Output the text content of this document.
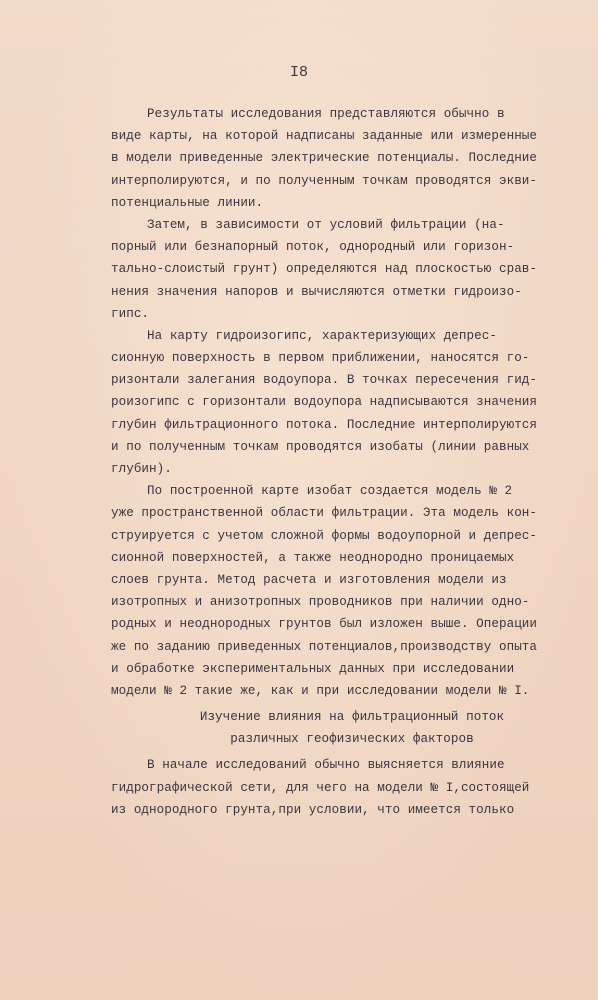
I8
Результаты исследования представляются обычно в
виде карты, на которой надписаны заданные или измеренные
в модели приведенные электрические потенциалы. Последние
интерполируются, и по полученным точкам проводятся экви-
потенциальные линии.
Затем, в зависимости от условий фильтрации (на-
порный или безнапорный поток, однородный или горизон-
тально-слоистый грунт) определяются над плоскостью срав-
нения значения напоров и вычисляются отметки гидроизо-
гипс.
На карту гидроизогипс, характеризующих депрес-
сионную поверхность в первом приближении, наносятся го-
ризонтали залегания водоупора. В точках пересечения гид-
роизогипс с горизонтали водоупора надписываются значения
глубин фильтрационного потока. Последние интерполируются
и по полученным точкам проводятся изобаты (линии равных
глубин).
По построенной карте изобат создается модель № 2
уже пространственной области фильтрации. Эта модель кон-
струируется с учетом сложной формы водоупорной и депрес-
сионной поверхностей, а также неоднородно проницаемых
слоев грунта. Метод расчета и изготовления модели из
изотропных и анизотропных проводников при наличии одно-
родных и неоднородных грунтов был изложен выше. Операции
же по заданию приведенных потенциалов,производству опыта
и обработке экспериментальных данных при исследовании
модели № 2 такие же, как и при исследовании модели № I.
Изучение влияния на фильтрационный поток
различных геофизических факторов
В начале исследований обычно выясняется влияние
гидрографической сети, для чего на модели № I,состоящей
из однородного грунта,при условии, что имеется только
